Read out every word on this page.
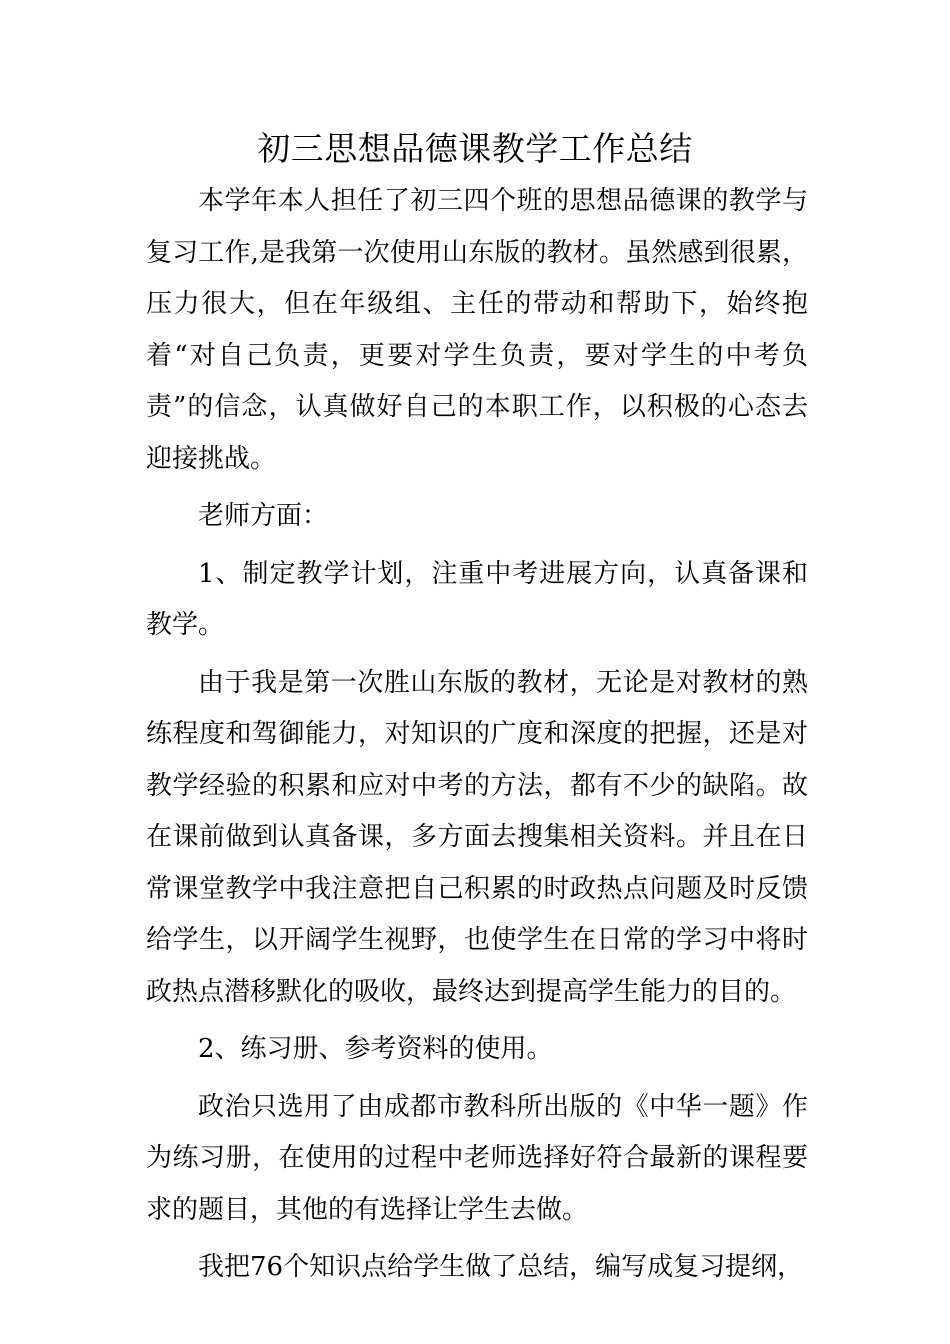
初三思想品德课教学工作总结

本学年本人担任了初三四个班的思想品德课的教学与复习工作,是我第一次使用山东版的教材。虽然感到很累，压力很大，但在年级组、主任的带动和帮助下，始终抱着“对自己负责，更要对学生负责，要对学生的中考负责”的信念，认真做好自己的本职工作，以积极的心态去迎接挑战。

老师方面：

1、制定教学计划，注重中考进展方向，认真备课和教学。

由于我是第一次胜山东版的教材，无论是对教材的熟练程度和驾御能力，对知识的广度和深度的把握，还是对教学经验的积累和应对中考的方法，都有不少的缺陷。故在课前做到认真备课，多方面去搜集相关资料。并且在日常课堂教学中我注意把自己积累的时政热点问题及时反馈给学生，以开阔学生视野，也使学生在日常的学习中将时政热点潜移默化的吸收，最终达到提高学生能力的目的。

2、练习册、参考资料的使用。

政治只选用了由成都市教科所出版的《中华一题》作为练习册，在使用的过程中老师选择好符合最新的课程要求的题目，其他的有选择让学生去做。

我把76个知识点给学生做了总结，编写成复习提纲，
